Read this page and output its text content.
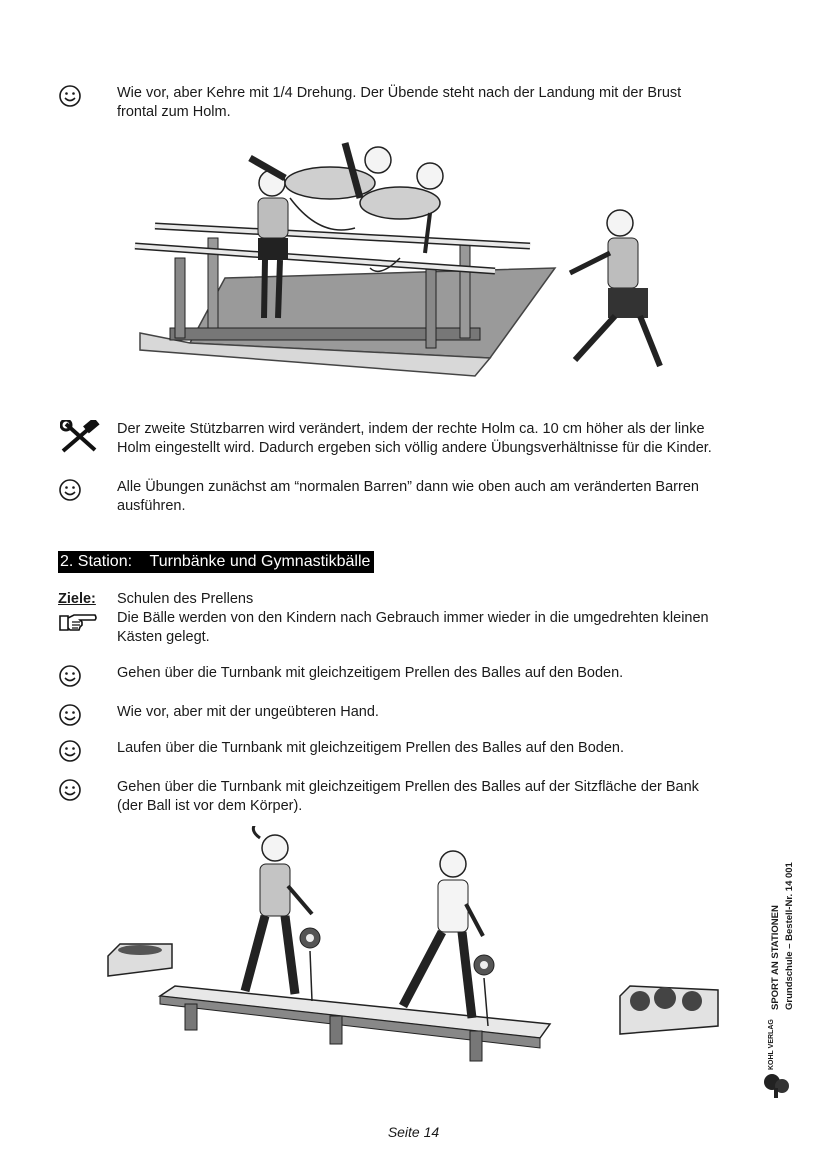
Wie vor, aber Kehre mit 1/4 Drehung. Der Übende steht nach der Landung mit der Brust
frontal zum Holm.
Der zweite Stützbarren wird verändert, indem der rechte Holm ca. 10 cm höher als der linke
Holm eingestellt wird. Dadurch ergeben sich völlig andere Übungsverhältnisse für die Kinder.
Alle Übungen zunächst am “normalen Barren” dann wie oben auch am veränderten Barren
ausführen.
2. Station:    Turnbänke und Gymnastikbälle
Ziele: Schulen des Prellens
Die Bälle werden von den Kindern nach Gebrauch immer wieder in die umgedrehten kleinen
Kästen gelegt.
Gehen über die Turnbank mit gleichzeitigem Prellen des Balles auf den Boden.
Wie vor, aber mit der ungeübteren Hand.
Laufen über die Turnbank mit gleichzeitigem Prellen des Balles auf den Boden.
Gehen über die Turnbank mit gleichzeitigem Prellen des Balles auf der Sitzfläche der Bank
(der Ball ist vor dem Körper).
SPORT AN STATIONEN Grundschule – Bestell-Nr. 14 001
KOHL VERLAG
Seite 14
